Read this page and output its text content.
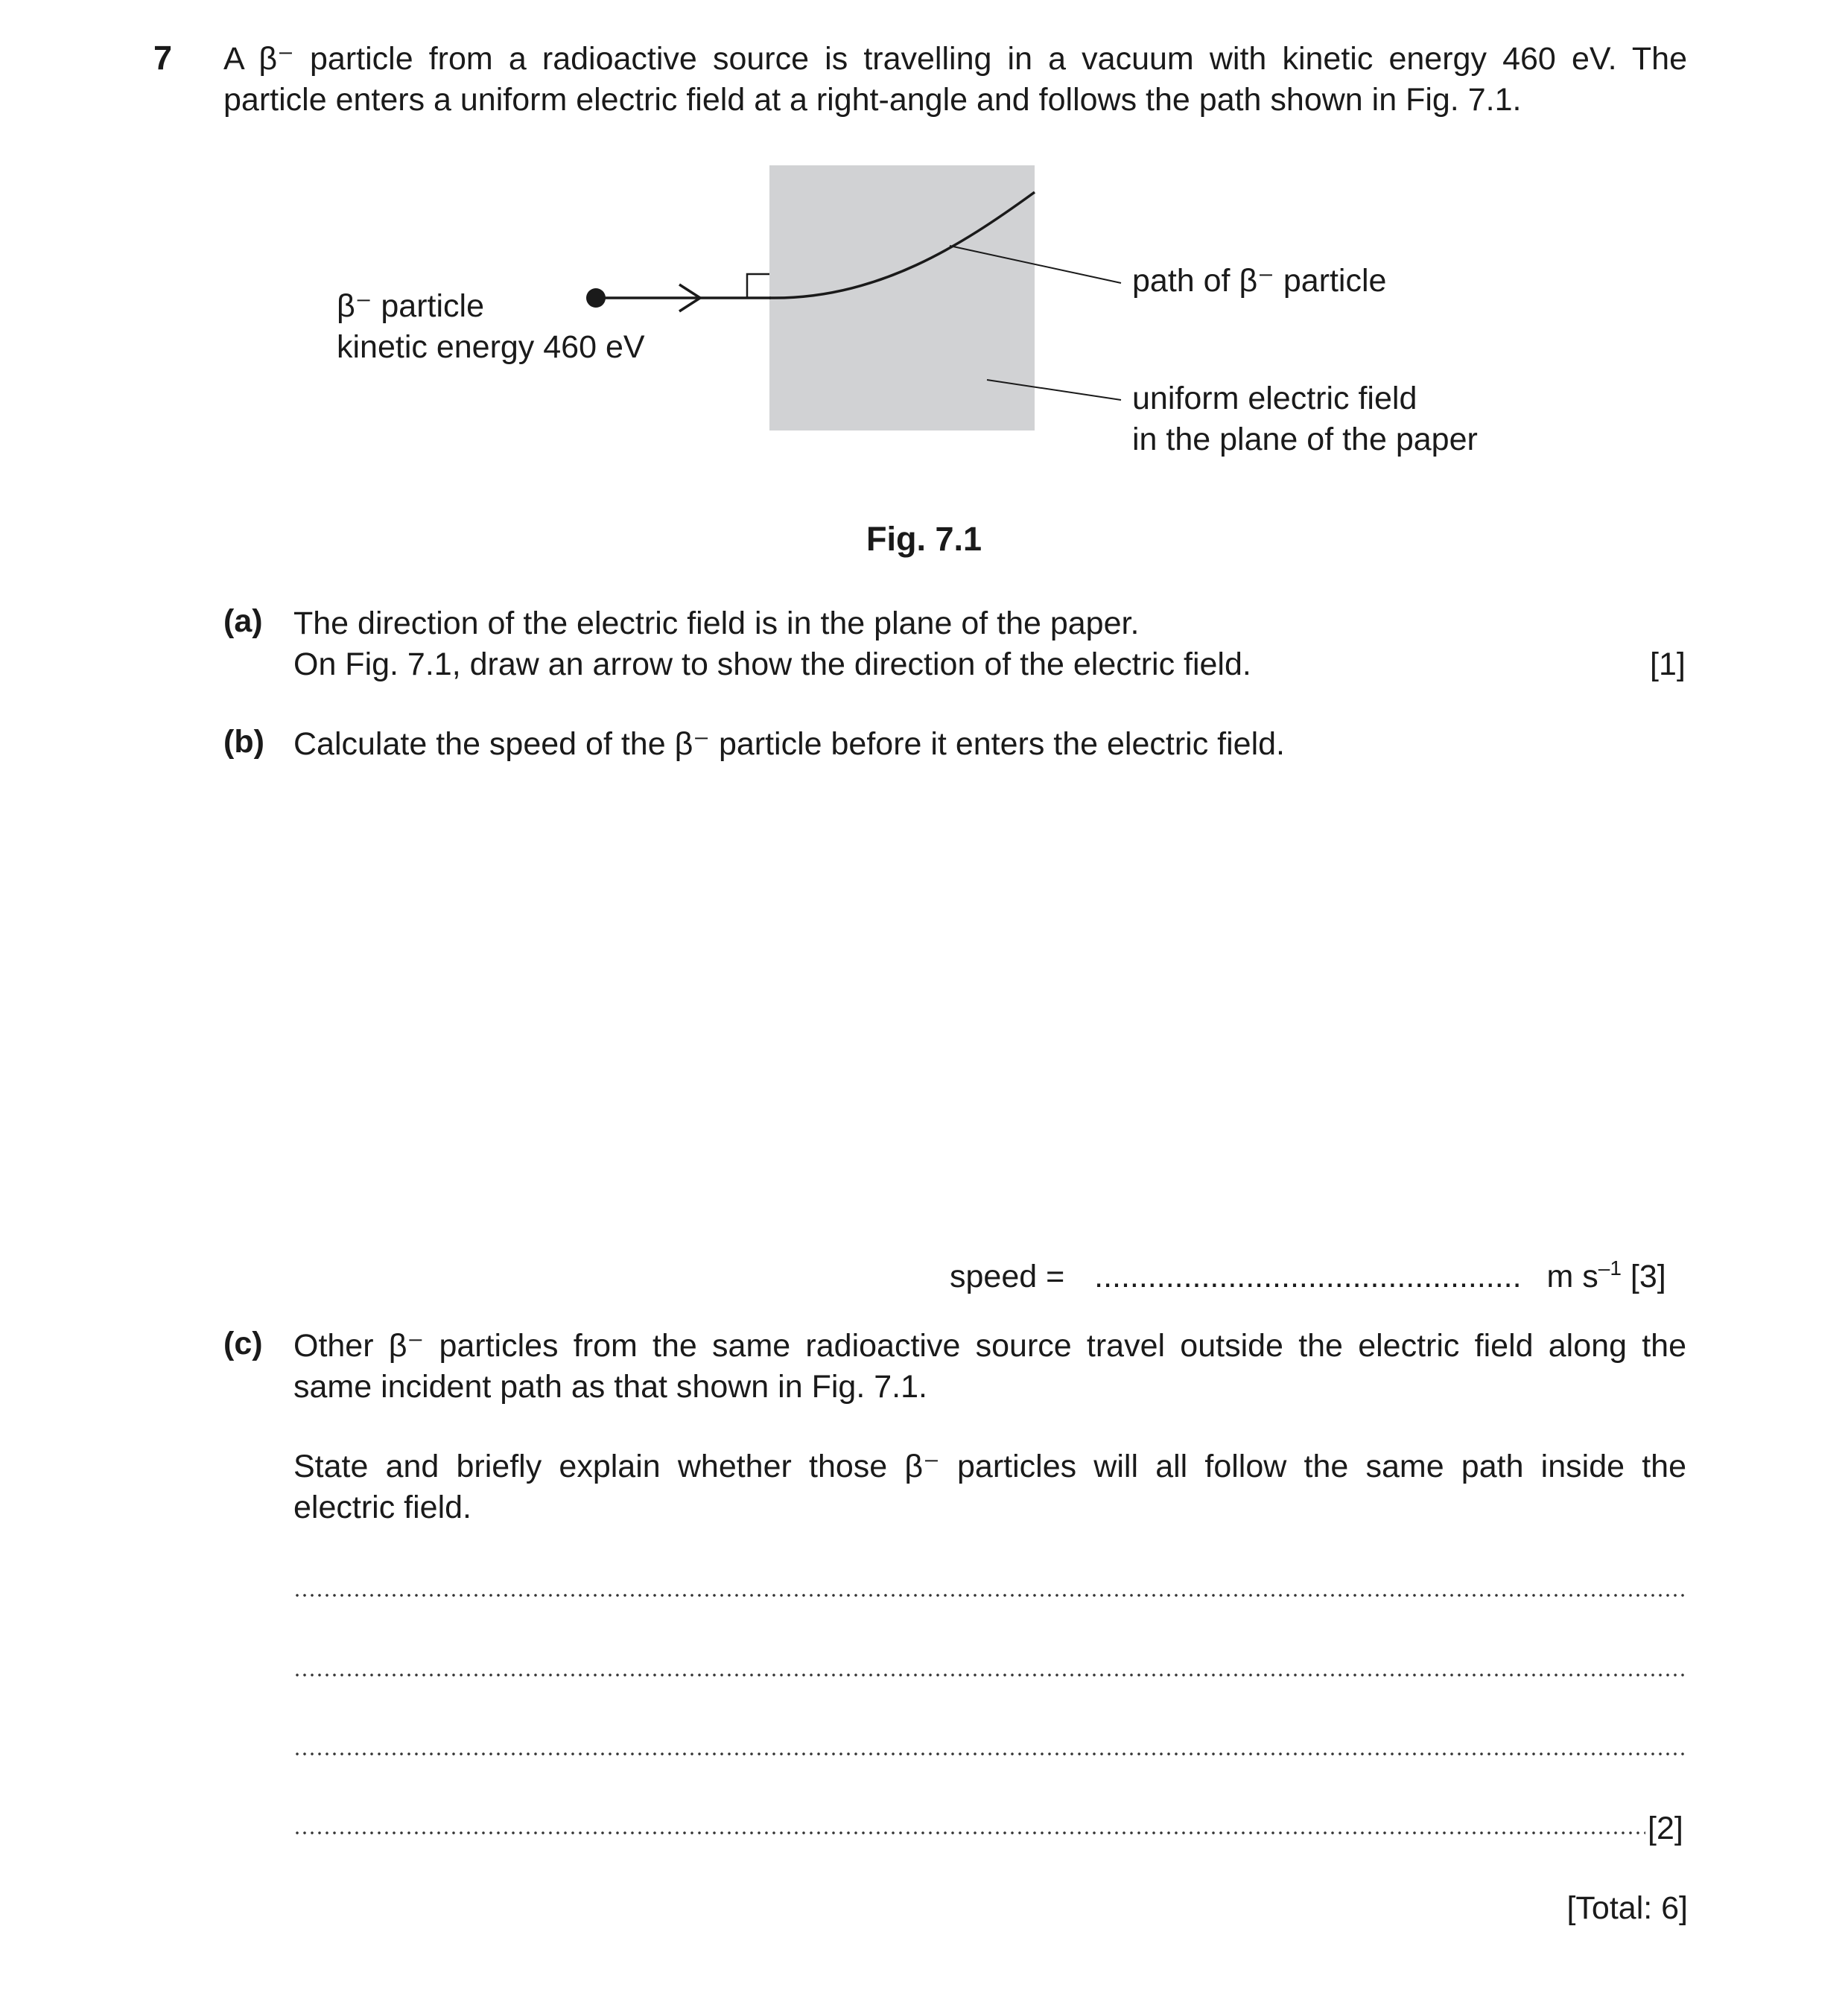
7 A β⁻ particle from a radioactive source is travelling in a vacuum with kinetic energy 460 eV. The
particle enters a uniform electric field at a right-angle and follows the path shown in Fig. 7.1.
β⁻ particle
kinetic energy 460 eV
path of β⁻ particle
uniform electric field
in the plane of the paper
Fig. 7.1
(a) The direction of the electric field is in the plane of the paper.
On Fig. 7.1, draw an arrow to show the direction of the electric field.	[1]
(b) Calculate the speed of the β⁻ particle before it enters the electric field.
speed = ................................................ m $s^{-1}$ [3]
(c) Other β⁻ particles from the same radioactive source travel outside the electric field along the
same incident path as that shown in Fig. 7.1.
State and briefly explain whether those β⁻ particles will all follow the same path inside the
electric field.
[2]
[Total: 6]
